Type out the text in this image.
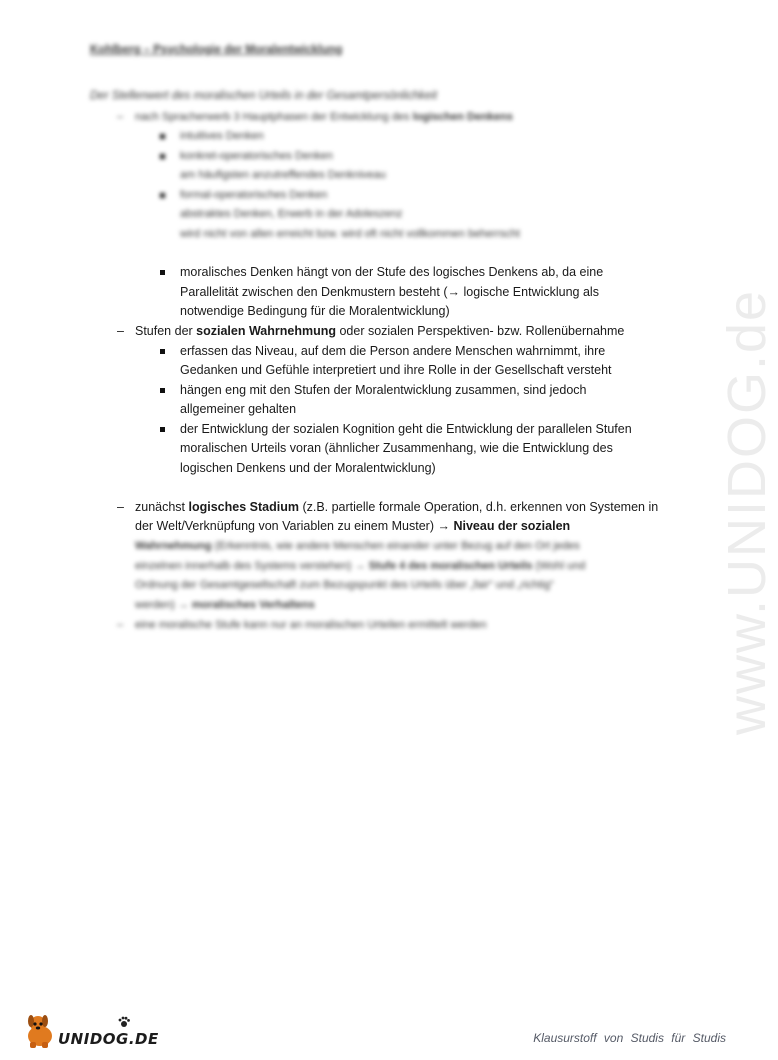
Kohlberg – Psychologie der Moralentwicklung
Der Stellenwert des moralischen Urteils in der Gesamtpersönlichkeit
– nach Spracherwerb 3 Hauptphasen der Entwicklung des logischen Denkens
intuitives Denken
konkret-operatorisches Denken
am häufigsten anzutreffendes Denkniveau
formal-operatorisches Denken
abstraktes Denken, Erwerb in der Adoleszenz
wird nicht von allen erreicht bzw. wird oft nicht vollkommen beherrscht
moralisches Denken hängt von der Stufe des logisches Denkens ab, da eine
Parallelität zwischen den Denkmustern besteht (→ logische Entwicklung als
notwendige Bedingung für die Moralentwicklung)
– Stufen der sozialen Wahrnehmung oder sozialen Perspektiven- bzw. Rollenübernahme
erfassen das Niveau, auf dem die Person andere Menschen wahrnimmt, ihre
Gedanken und Gefühle interpretiert und ihre Rolle in der Gesellschaft versteht
hängen eng mit den Stufen der Moralentwicklung zusammen, sind jedoch
allgemeiner gehalten
der Entwicklung der sozialen Kognition geht die Entwicklung der parallelen Stufen
moralischen Urteils voran (ähnlicher Zusammenhang, wie die Entwicklung des
logischen Denkens und der Moralentwicklung)
– zunächst logisches Stadium (z.B. partielle formale Operation, d.h. erkennen von Systemen in
der Welt/Verknüpfung von Variablen zu einem Muster) → Niveau der sozialen
Wahrnehmung (Erkenntnis, wie andere Menschen einander unter Bezug auf den Ort jedes
einzelnen innerhalb des Systems verstehen) → Stufe 4 des moralischen Urteils (Wohl und
Ordnung der Gesamtgesellschaft zum Bezugspunkt des Urteils über „fair“ und „richtig“
werden) → moralisches Verhaltens
– eine moralische Stufe kann nur an moralischen Urteilen ermittelt werden	www.UNIDOG.de
UNIDOG.DE	Klausurstoff von Studis für Studis
